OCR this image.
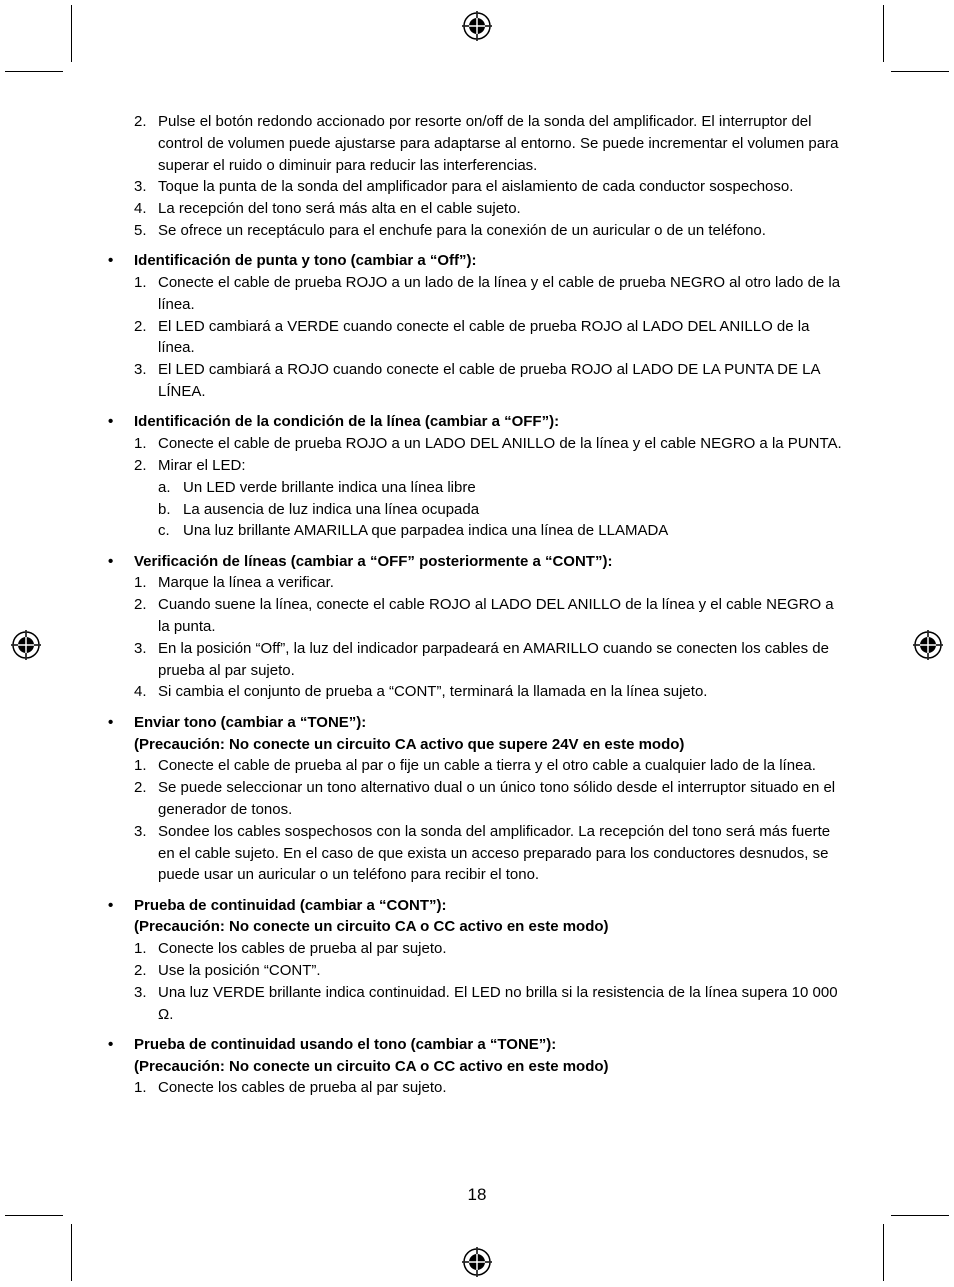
2. Pulse el botón redondo accionado por resorte on/off de la sonda del amplificador. El interruptor del control de volumen puede ajustarse para adaptarse al entorno. Se puede incrementar el volumen para superar el ruido o diminuir para reducir las interferencias.
3. Toque la punta de la sonda del amplificador para el aislamiento de cada conductor sospechoso.
4. La recepción del tono será más alta en el cable sujeto.
5. Se ofrece un receptáculo para el enchufe para la conexión de un auricular o de un teléfono.
• Identificación de punta y tono (cambiar a “Off”):
1. Conecte el cable de prueba ROJO a un lado de la línea y el cable de prueba NEGRO al otro lado de la línea.
2. El LED cambiará a VERDE cuando conecte el cable de prueba ROJO al LADO DEL ANILLO de la línea.
3. El LED cambiará a ROJO cuando conecte el cable de prueba ROJO al LADO DE LA PUNTA DE LA LÍNEA.
• Identificación de la condición de la línea (cambiar a “OFF”):
1. Conecte el cable de prueba ROJO a un LADO DEL ANILLO de la línea y el cable NEGRO a la PUNTA.
2. Mirar el LED:
a. Un LED verde brillante indica una línea libre
b. La ausencia de luz indica una línea ocupada
c. Una luz brillante AMARILLA que parpadea indica una línea de LLAMADA
• Verificación de líneas (cambiar a “OFF” posteriormente a “CONT”):
1. Marque la línea a verificar.
2. Cuando suene la línea, conecte el cable ROJO al LADO DEL ANILLO de la línea y el cable NEGRO a la punta.
3. En la posición “Off”, la luz del indicador parpadeará en AMARILLO cuando se conecten los cables de prueba al par sujeto.
4. Si cambia el conjunto de prueba a “CONT”, terminará la llamada en la línea sujeto.
• Enviar tono (cambiar a “TONE”):
(Precaución: No conecte un circuito CA activo que supere 24V en este modo)
1. Conecte el cable de prueba al par o fije un cable a tierra y el otro cable a cualquier lado de la línea.
2. Se puede seleccionar un tono alternativo dual o un único tono sólido desde el interruptor situado en el generador de tonos.
3. Sondee los cables sospechosos con la sonda del amplificador. La recepción del tono será más fuerte en el cable sujeto. En el caso de que exista un acceso preparado para los conductores desnudos, se puede usar un auricular o un teléfono para recibir el tono.
• Prueba de continuidad (cambiar a “CONT”):
(Precaución: No conecte un circuito CA o CC activo en este modo)
1. Conecte los cables de prueba al par sujeto.
2. Use la posición “CONT”.
3. Una luz VERDE brillante indica continuidad. El LED no brilla si la resistencia de la línea supera 10 000 Ω.
• Prueba de continuidad usando el tono (cambiar a “TONE”):
(Precaución: No conecte un circuito CA o CC activo en este modo)
1. Conecte los cables de prueba al par sujeto.
18
